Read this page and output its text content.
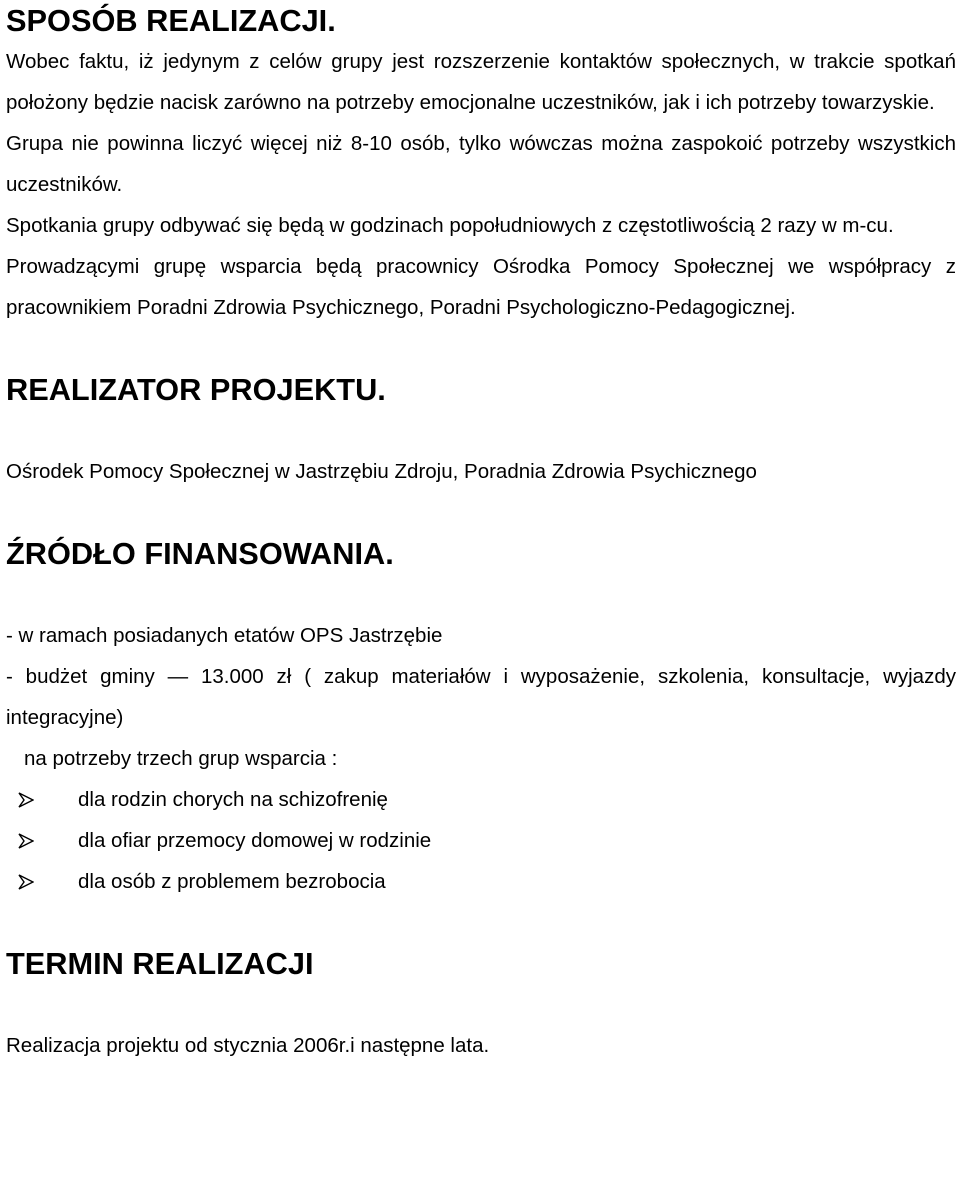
SPOSÓB REALIZACJI.

Wobec faktu, iż jedynym z celów grupy jest rozszerzenie kontaktów społecznych, w trakcie spotkań położony będzie nacisk zarówno na potrzeby emocjonalne uczestników, jak i ich potrzeby towarzyskie.

Grupa nie powinna liczyć więcej niż 8-10 osób, tylko wówczas można zaspokoić potrzeby wszystkich uczestników.

Spotkania grupy odbywać się będą w godzinach popołudniowych z częstotliwością 2 razy w m-cu.

Prowadzącymi grupę wsparcia będą pracownicy Ośrodka Pomocy Społecznej we współpracy z pracownikiem Poradni Zdrowia Psychicznego, Poradni Psychologiczno-Pedagogicznej.

REALIZATOR PROJEKTU.

Ośrodek Pomocy Społecznej w Jastrzębiu Zdroju, Poradnia Zdrowia Psychicznego

ŹRÓDŁO FINANSOWANIA.

- w ramach posiadanych etatów OPS Jastrzębie

- budżet gminy — 13.000 zł ( zakup materiałów i wyposażenie, szkolenia, konsultacje, wyjazdy integracyjne)

na potrzeby trzech grup wsparcia :

dla rodzin chorych na schizofrenię
dla ofiar przemocy domowej w rodzinie
dla osób z problemem bezrobocia
TERMIN REALIZACJI

Realizacja projektu od stycznia 2006r.i następne lata.
